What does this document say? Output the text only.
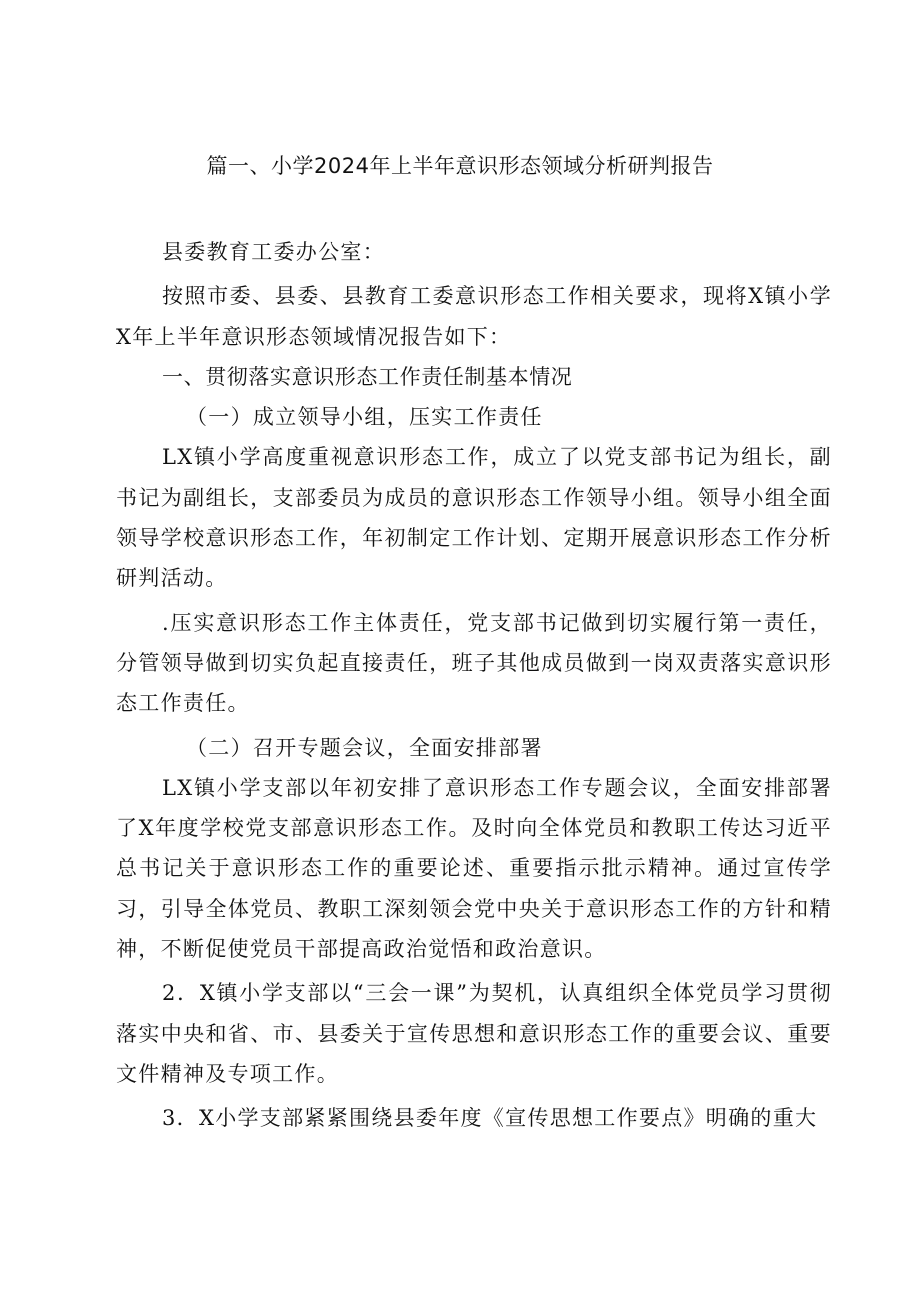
篇一、小学2024年上半年意识形态领域分析研判报告

县委教育工委办公室：

按照市委、县委、县教育工委意识形态工作相关要求，现将X镇小学X年上半年意识形态领域情况报告如下：

一、贯彻落实意识形态工作责任制基本情况

（一）成立领导小组，压实工作责任

LX镇小学高度重视意识形态工作，成立了以党支部书记为组长，副书记为副组长，支部委员为成员的意识形态工作领导小组。领导小组全面领导学校意识形态工作，年初制定工作计划、定期开展意识形态工作分析研判活动。

.压实意识形态工作主体责任，党支部书记做到切实履行第一责任，分管领导做到切实负起直接责任，班子其他成员做到一岗双责落实意识形态工作责任。

（二）召开专题会议，全面安排部署

LX镇小学支部以年初安排了意识形态工作专题会议，全面安排部署了X年度学校党支部意识形态工作。及时向全体党员和教职工传达习近平总书记关于意识形态工作的重要论述、重要指示批示精神。通过宣传学习，引导全体党员、教职工深刻领会党中央关于意识形态工作的方针和精神，不断促使党员干部提高政治觉悟和政治意识。

2．X镇小学支部以“三会一课”为契机，认真组织全体党员学习贯彻落实中央和省、市、县委关于宣传思想和意识形态工作的重要会议、重要文件精神及专项工作。

3．X小学支部紧紧围绕县委年度《宣传思想工作要点》明确的重大
